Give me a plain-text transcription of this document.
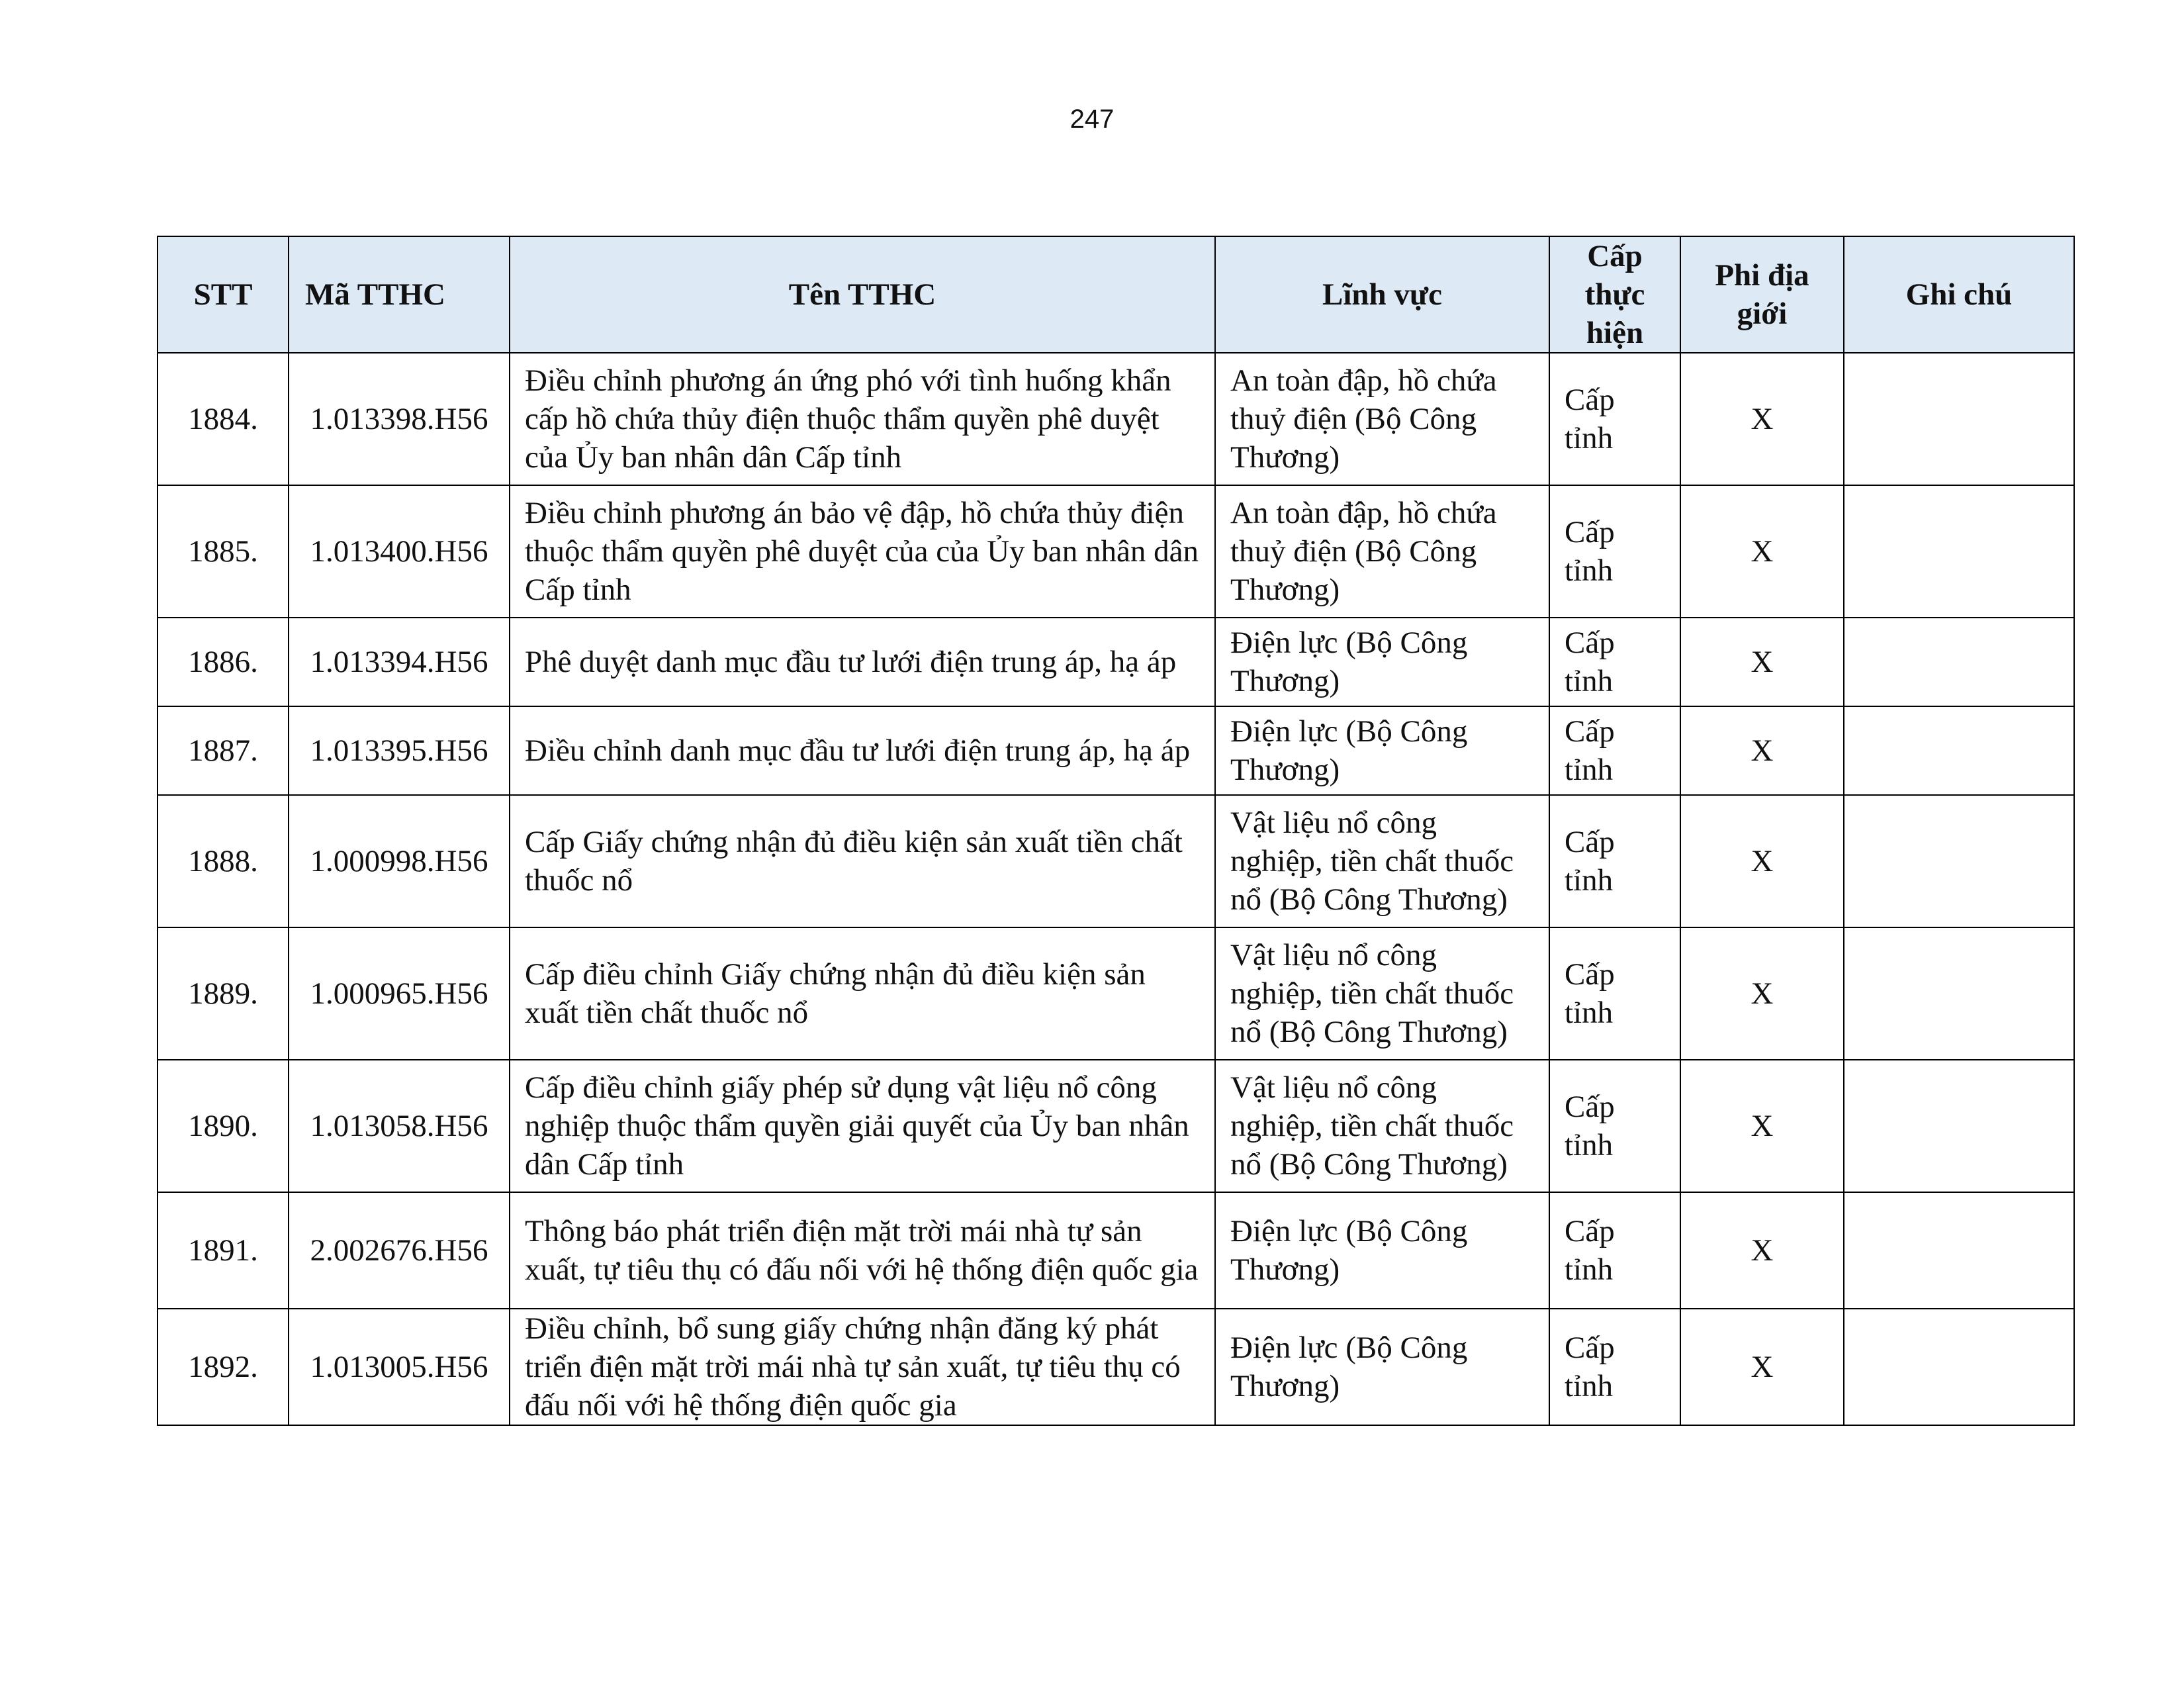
247
STT	Mã TTHC	Tên TTHC	Lĩnh vực	Cấp thực hiện	Phi địa giới	Ghi chú
1884.	1.013398.H56	Điều chỉnh phương án ứng phó với tình huống khẩn cấp hồ chứa thủy điện thuộc thẩm quyền phê duyệt của Ủy ban nhân dân Cấp tỉnh	An toàn đập, hồ chứa thuỷ điện (Bộ Công Thương)	Cấp tỉnh	X	
1885.	1.013400.H56	Điều chỉnh phương án bảo vệ đập, hồ chứa thủy điện thuộc thẩm quyền phê duyệt của của Ủy ban nhân dân Cấp tỉnh	An toàn đập, hồ chứa thuỷ điện (Bộ Công Thương)	Cấp tỉnh	X	
1886.	1.013394.H56	Phê duyệt danh mục đầu tư lưới điện trung áp, hạ áp	Điện lực (Bộ Công Thương)	Cấp tỉnh	X	
1887.	1.013395.H56	Điều chỉnh danh mục đầu tư lưới điện trung áp, hạ áp	Điện lực (Bộ Công Thương)	Cấp tỉnh	X	
1888.	1.000998.H56	Cấp Giấy chứng nhận đủ điều kiện sản xuất tiền chất thuốc nổ	Vật liệu nổ công nghiệp, tiền chất thuốc nổ (Bộ Công Thương)	Cấp tỉnh	X	
1889.	1.000965.H56	Cấp điều chỉnh Giấy chứng nhận đủ điều kiện sản xuất tiền chất thuốc nổ	Vật liệu nổ công nghiệp, tiền chất thuốc nổ (Bộ Công Thương)	Cấp tỉnh	X	
1890.	1.013058.H56	Cấp điều chỉnh giấy phép sử dụng vật liệu nổ công nghiệp thuộc thẩm quyền giải quyết của Ủy ban nhân dân Cấp tỉnh	Vật liệu nổ công nghiệp, tiền chất thuốc nổ (Bộ Công Thương)	Cấp tỉnh	X	
1891.	2.002676.H56	Thông báo phát triển điện mặt trời mái nhà tự sản xuất, tự tiêu thụ có đấu nối với hệ thống điện quốc gia	Điện lực (Bộ Công Thương)	Cấp tỉnh	X	
1892.	1.013005.H56	Điều chỉnh, bổ sung giấy chứng nhận đăng ký phát triển điện mặt trời mái nhà tự sản xuất, tự tiêu thụ có đấu nối với hệ thống điện quốc gia	Điện lực (Bộ Công Thương)	Cấp tỉnh	X	
